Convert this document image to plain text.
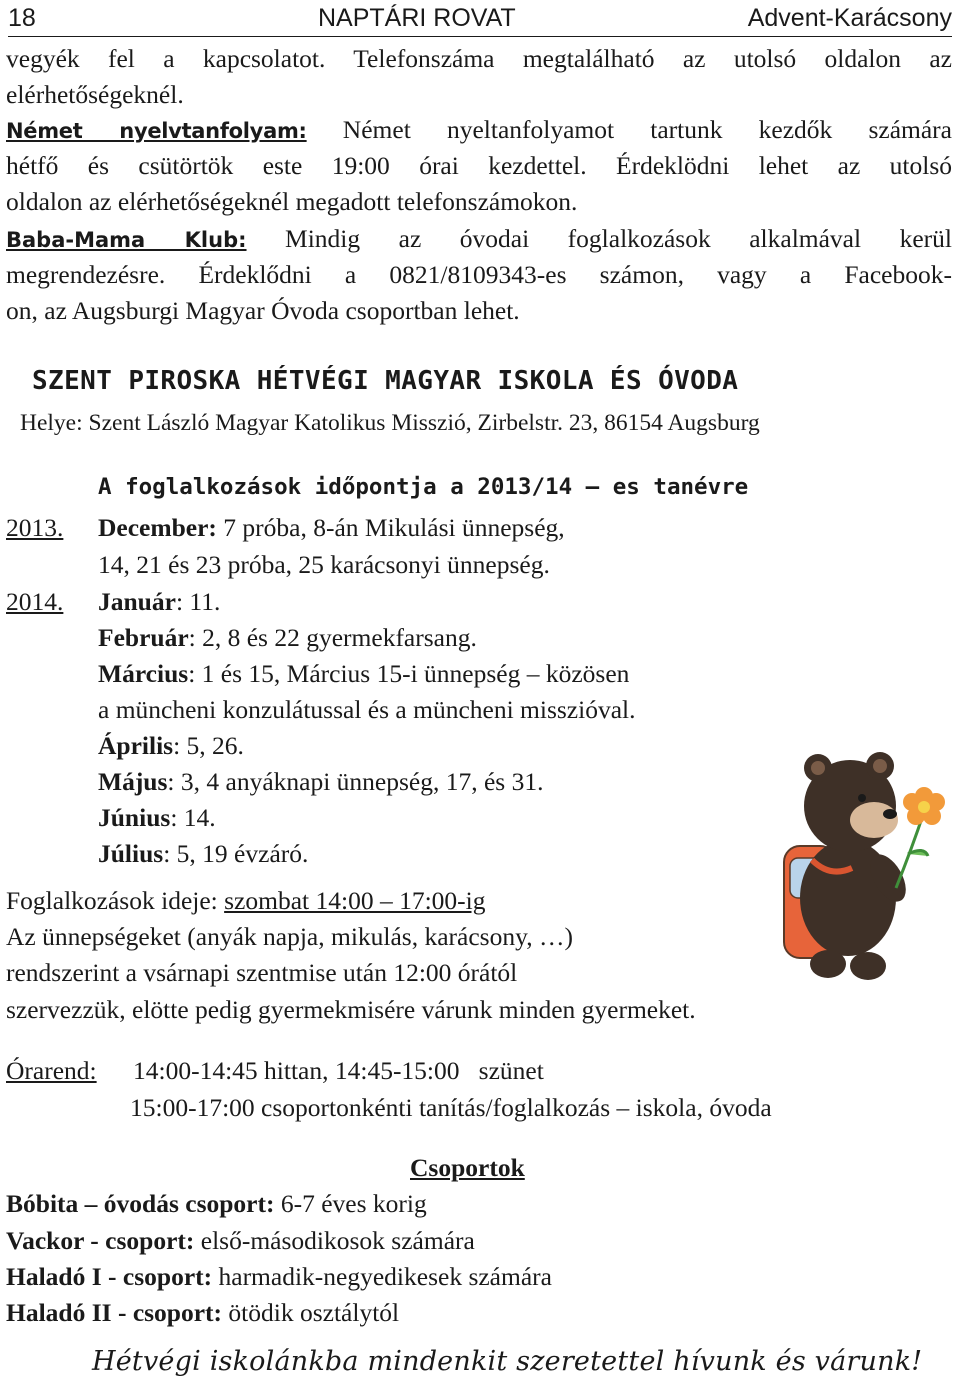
18	NAPTÁRI ROVAT	Advent-Karácsony
vegyék fel a kapcsolatot. Telefonszáma megtalálható az utolsó oldalon az
elérhetőségeknél.
Német nyelvtanfolyam: Német nyeltanfolyamot tartunk kezdők számára
hétfő és csütörtök este 19:00 órai kezdettel. Érdeklödni lehet az utolsó
oldalon az elérhetőségeknél megadott telefonszámokon.
Baba-Mama Klub: Mindig az óvodai foglalkozások alkalmával kerül
megrendezésre. Érdeklődni a 0821/8109343-es számon, vagy a Facebook-
on, az Augsburgi Magyar Óvoda csoportban lehet.
SZENT PIROSKA HÉTVÉGI MAGYAR ISKOLA ÉS ÓVODA
Helye: Szent László Magyar Katolikus Misszió, Zirbelstr. 23, 86154 Augsburg
A foglalkozások időpontja a 2013/14 – es tanévre
2013. December: 7 próba, 8-án Mikulási ünnepség,
14, 21 és 23 próba, 25 karácsonyi ünnepség.
2014. Január: 11.
Február: 2, 8 és 22 gyermekfarsang.
Március: 1 és 15, Március 15-i ünnepség – közösen
a müncheni konzulátussal és a müncheni misszióval.
Április: 5, 26.
Május: 3, 4 anyáknapi ünnepség, 17, és 31.
Június: 14.
Július: 5, 19 évzáró.
Foglalkozások ideje: szombat 14:00 – 17:00-ig
Az ünnepségeket (anyák napja, mikulás, karácsony, …)
rendszerint a vsárnapi szentmise után 12:00 órától
szervezzük, elötte pedig gyermekmisére várunk minden gyermeket.
Órarend: 14:00-14:45 hittan, 14:45-15:00   szünet
15:00-17:00 csoportonkénti tanítás/foglalkozás – iskola, óvoda
Csoportok
Bóbita – óvodás csoport: 6-7 éves korig
Vackor - csoport: első-másodikosok számára
Haladó I - csoport: harmadik-negyedikesek számára
Haladó II - csoport: ötödik osztálytól
Hétvégi iskolánkba mindenkit szeretettel hívunk és várunk!
